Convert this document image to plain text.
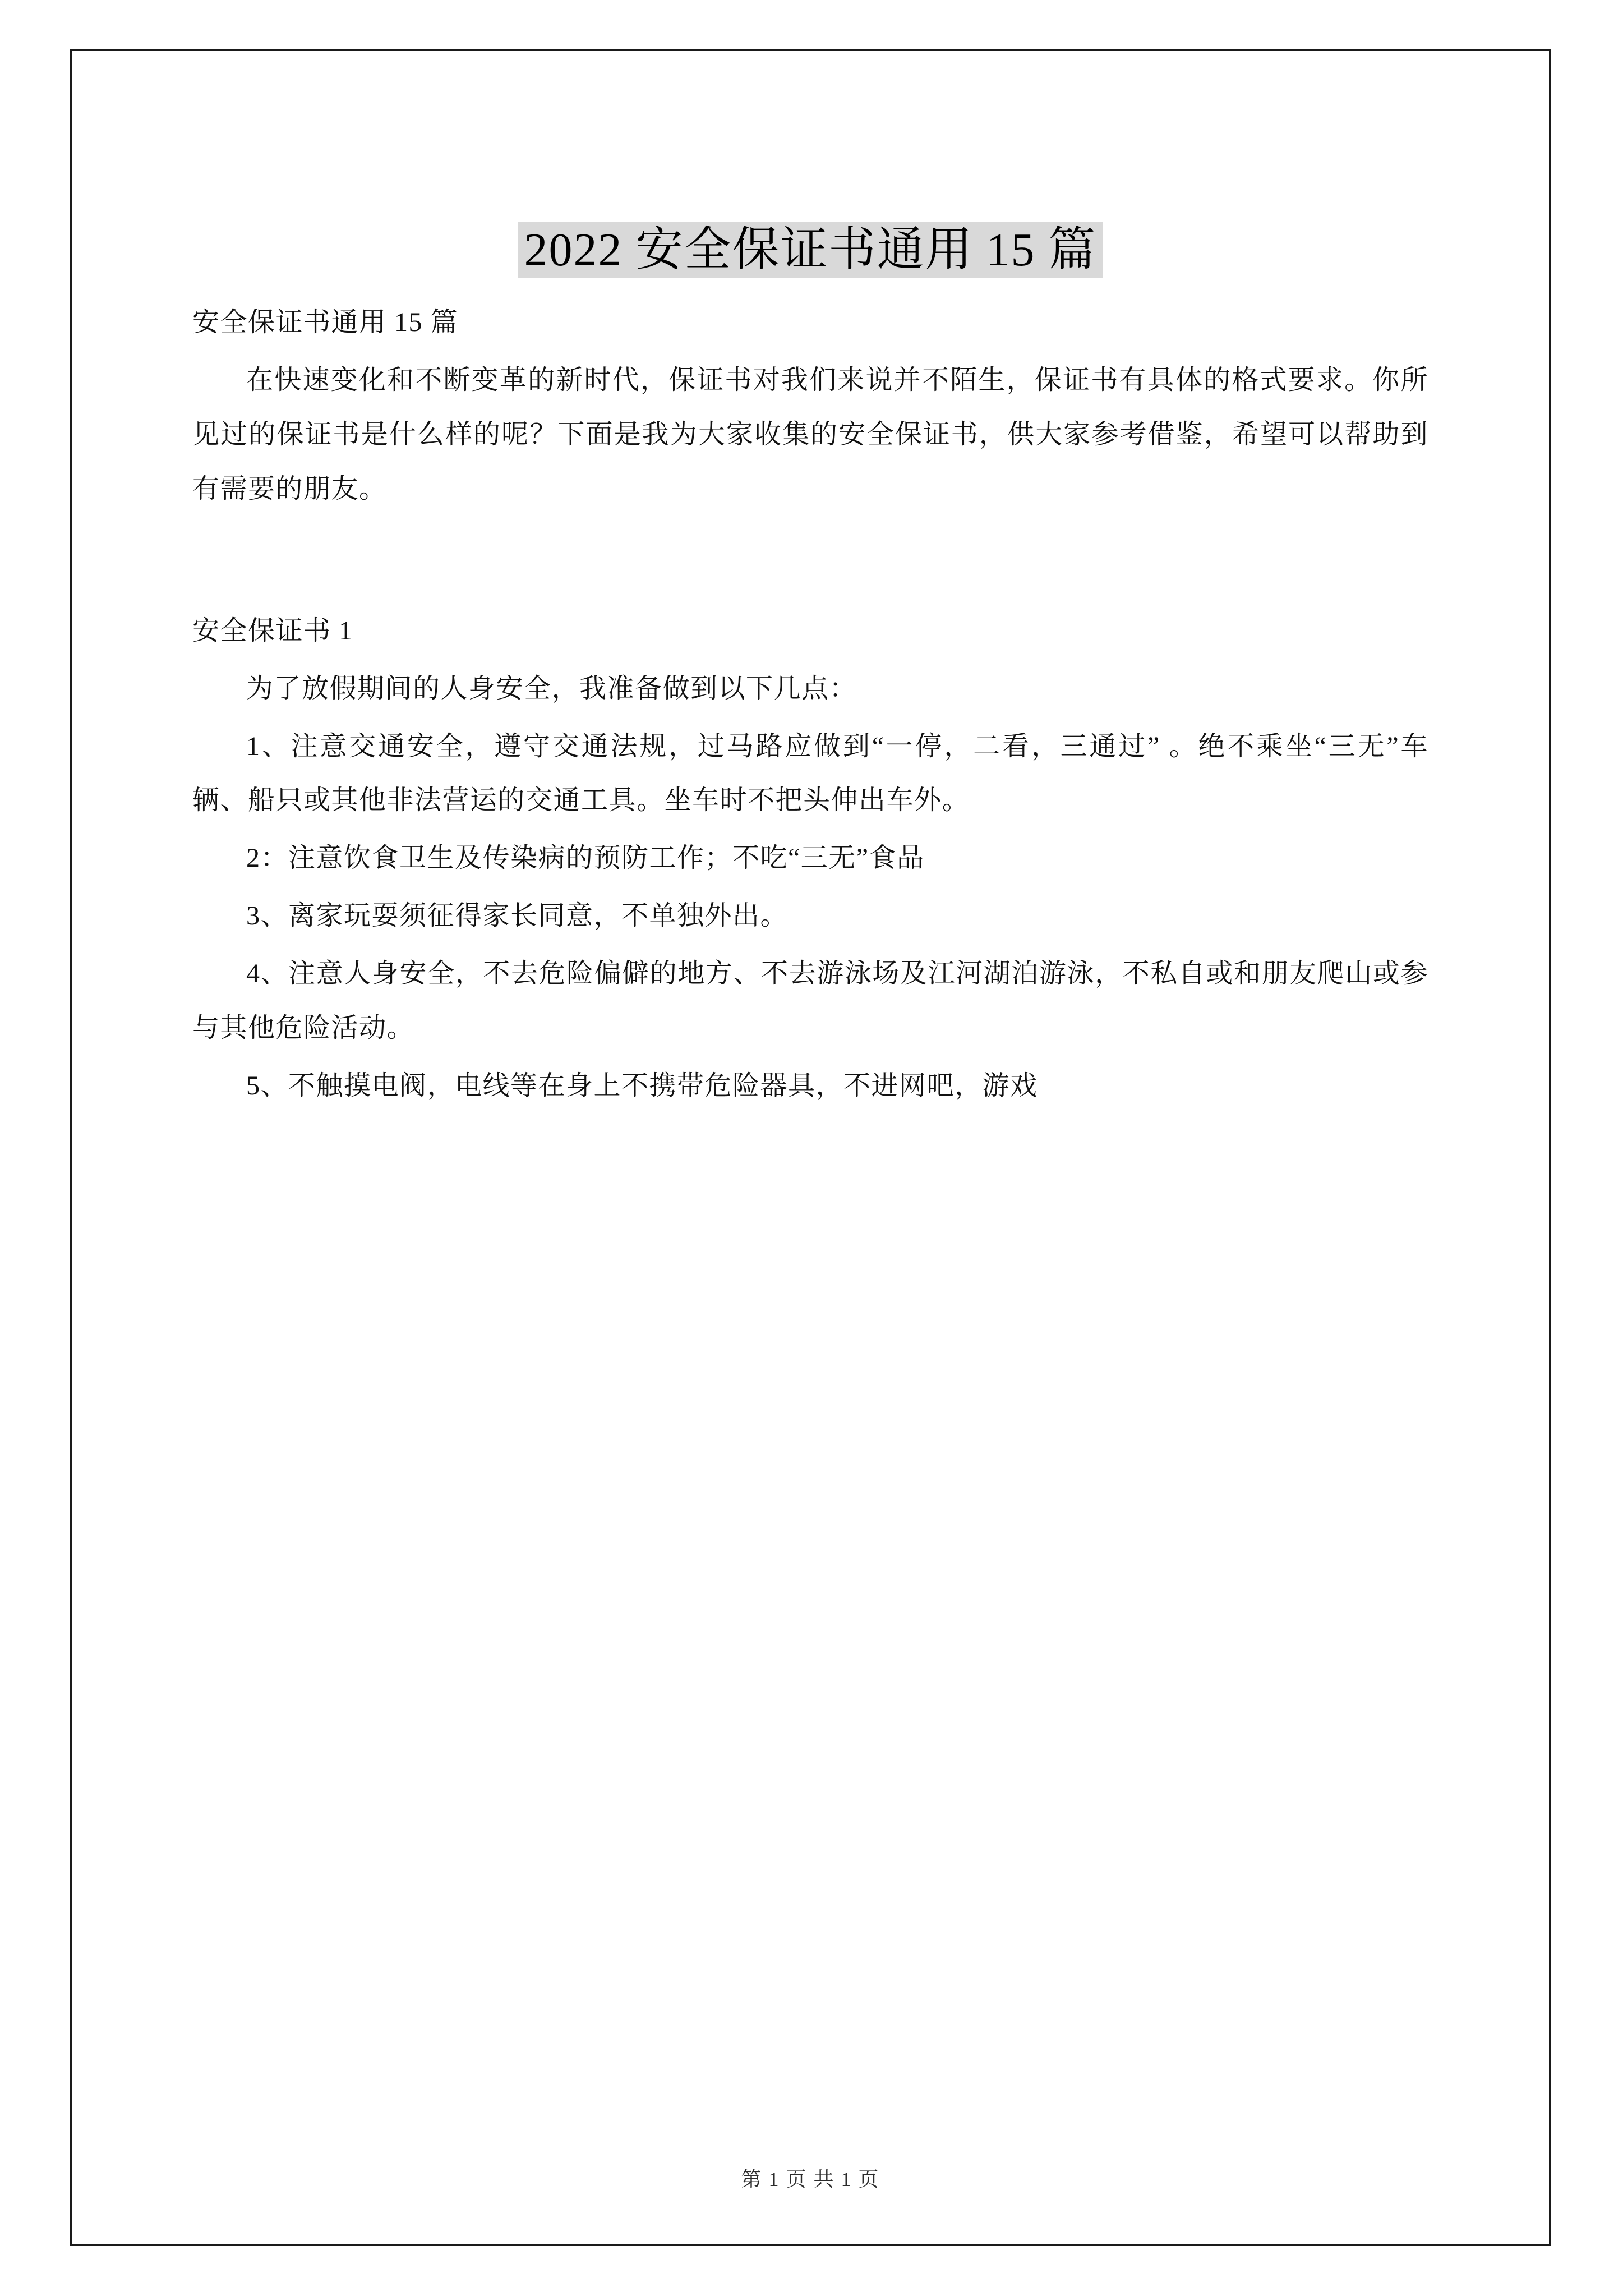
2022 安全保证书通用 15 篇

安全保证书通用 15 篇

在快速变化和不断变革的新时代，保证书对我们来说并不陌生，保证书有具体的格式要求。你所见过的保证书是什么样的呢？下面是我为大家收集的安全保证书，供大家参考借鉴，希望可以帮助到有需要的朋友。

安全保证书 1

为了放假期间的人身安全，我准备做到以下几点：

1、注意交通安全，遵守交通法规，过马路应做到“一停，二看，三通过” 。绝不乘坐“三无”车辆、船只或其他非法营运的交通工具。坐车时不把头伸出车外。

2：注意饮食卫生及传染病的预防工作；不吃“三无”食品

3、离家玩耍须征得家长同意，不单独外出。

4、注意人身安全，不去危险偏僻的地方、不去游泳场及江河湖泊游泳，不私自或和朋友爬山或参与其他危险活动。

5、不触摸电阀，电线等在身上不携带危险器具，不进网吧，游戏

第 1 页 共 1 页
